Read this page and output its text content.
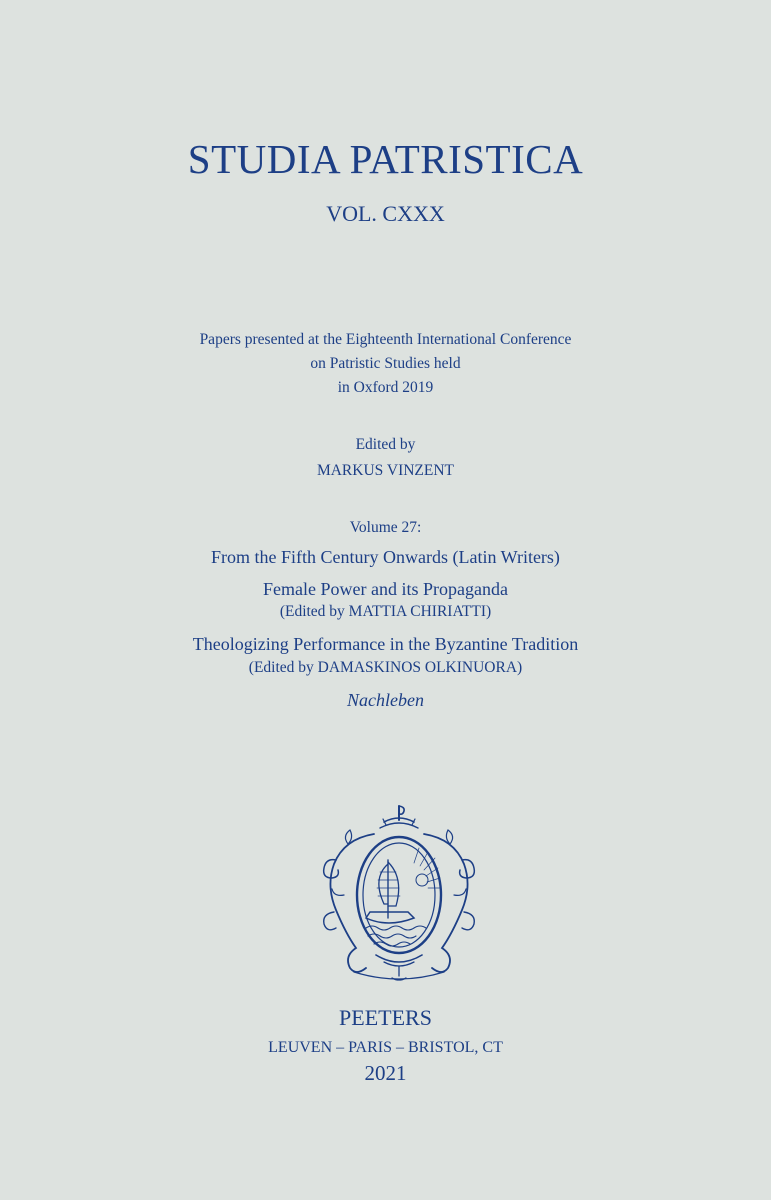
STUDIA PATRISTICA
VOL. CXXX
Papers presented at the Eighteenth International Conference
on Patristic Studies held
in Oxford 2019
Edited by
MARKUS VINZENT
Volume 27:
From the Fifth Century Onwards (Latin Writers)
Female Power and its Propaganda
(Edited by MATTIA CHIRIATTI)
Theologizing Performance in the Byzantine Tradition
(Edited by DAMASKINOS OLKINUORA)
Nachleben
PEETERS
LEUVEN – PARIS – BRISTOL, CT
2021
